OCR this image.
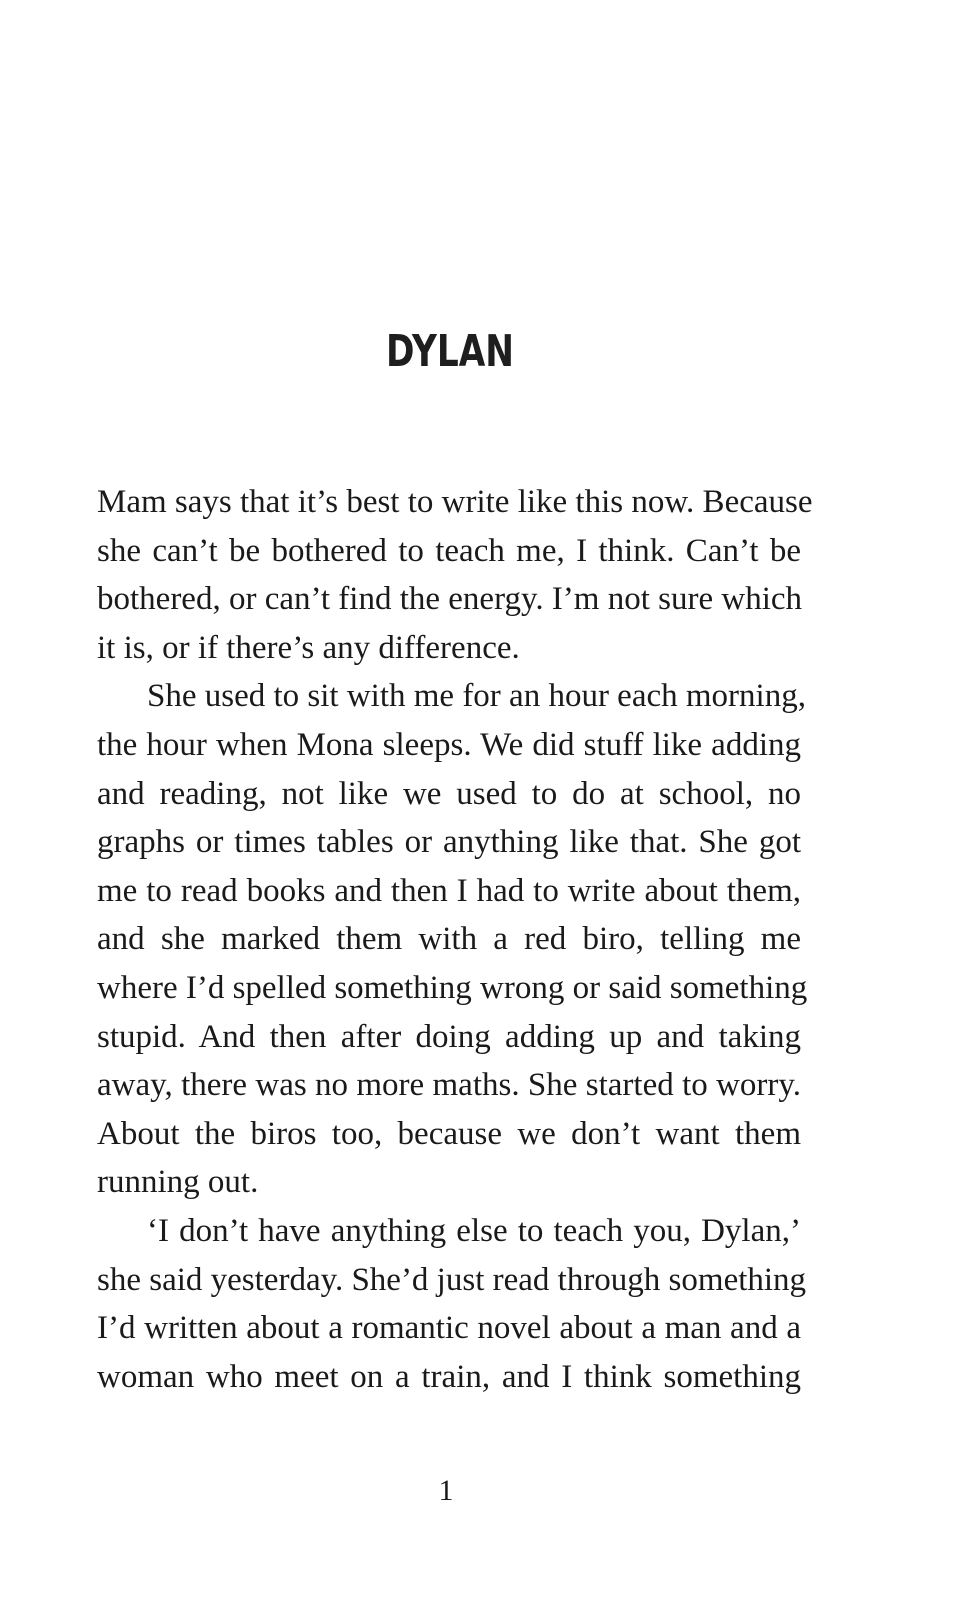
DYLAN
Mam says that it’s best to write like this now. Because
she can’t be bothered to teach me, I think. Can’t be
bothered, or can’t find the energy. I’m not sure which
it is, or if there’s any difference.
She used to sit with me for an hour each morning,
the hour when Mona sleeps. We did stuff like adding
and reading, not like we used to do at school, no
graphs or times tables or anything like that. She got
me to read books and then I had to write about them,
and she marked them with a red biro, telling me
where I’d spelled something wrong or said something
stupid. And then after doing adding up and taking
away, there was no more maths. She started to worry.
About the biros too, because we don’t want them
running out.
‘I don’t have anything else to teach you, Dylan,’
she said yesterday. She’d just read through something
I’d written about a romantic novel about a man and a
woman who meet on a train, and I think something
1
